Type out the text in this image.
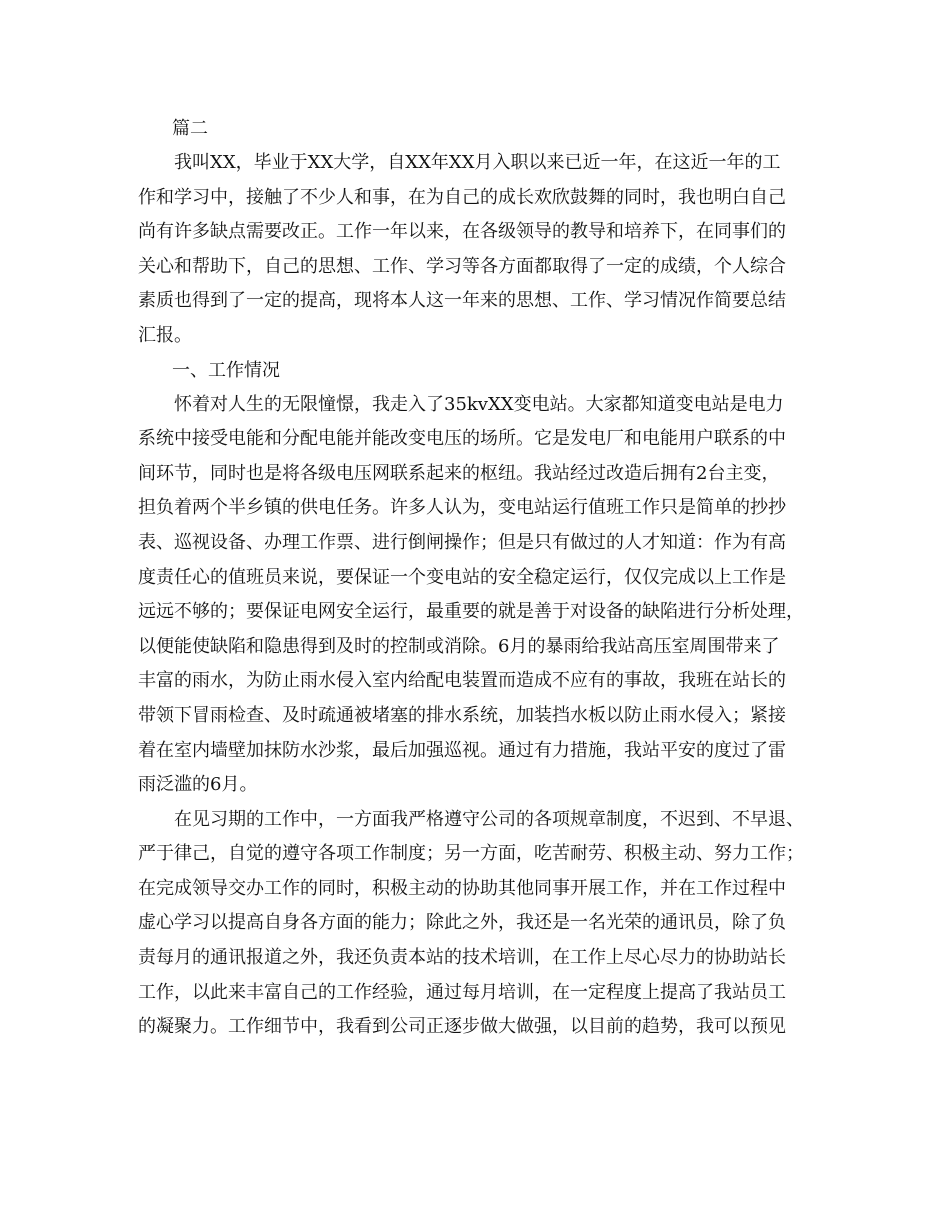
篇二

我叫XX，毕业于XX大学，自XX年XX月入职以来已近一年，在这近一年的工
作和学习中，接触了不少人和事，在为自己的成长欢欣鼓舞的同时，我也明白自己
尚有许多缺点需要改正。工作一年以来，在各级领导的教导和培养下，在同事们的
关心和帮助下，自己的思想、工作、学习等各方面都取得了一定的成绩，个人综合
素质也得到了一定的提高，现将本人这一年来的思想、工作、学习情况作简要总结
汇报。

一、工作情况

怀着对人生的无限憧憬，我走入了35kvXX变电站。大家都知道变电站是电力
系统中接受电能和分配电能并能改变电压的场所。它是发电厂和电能用户联系的中
间环节，同时也是将各级电压网联系起来的枢纽。我站经过改造后拥有2台主变，
担负着两个半乡镇的供电任务。许多人认为，变电站运行值班工作只是简单的抄抄
表、巡视设备、办理工作票、进行倒闸操作；但是只有做过的人才知道：作为有高
度责任心的值班员来说，要保证一个变电站的安全稳定运行，仅仅完成以上工作是
远远不够的；要保证电网安全运行，最重要的就是善于对设备的缺陷进行分析处理，
以便能使缺陷和隐患得到及时的控制或消除。6月的暴雨给我站高压室周围带来了
丰富的雨水，为防止雨水侵入室内给配电装置而造成不应有的事故，我班在站长的
带领下冒雨检查、及时疏通被堵塞的排水系统，加装挡水板以防止雨水侵入；紧接
着在室内墙壁加抹防水沙浆，最后加强巡视。通过有力措施，我站平安的度过了雷
雨泛滥的6月。
在见习期的工作中，一方面我严格遵守公司的各项规章制度，不迟到、不早退、
严于律己，自觉的遵守各项工作制度；另一方面，吃苦耐劳、积极主动、努力工作；
在完成领导交办工作的同时，积极主动的协助其他同事开展工作，并在工作过程中
虚心学习以提高自身各方面的能力；除此之外，我还是一名光荣的通讯员，除了负
责每月的通讯报道之外，我还负责本站的技术培训，在工作上尽心尽力的协助站长
工作，以此来丰富自己的工作经验，通过每月培训，在一定程度上提高了我站员工
的凝聚力。工作细节中，我看到公司正逐步做大做强，以目前的趋势，我可以预见
